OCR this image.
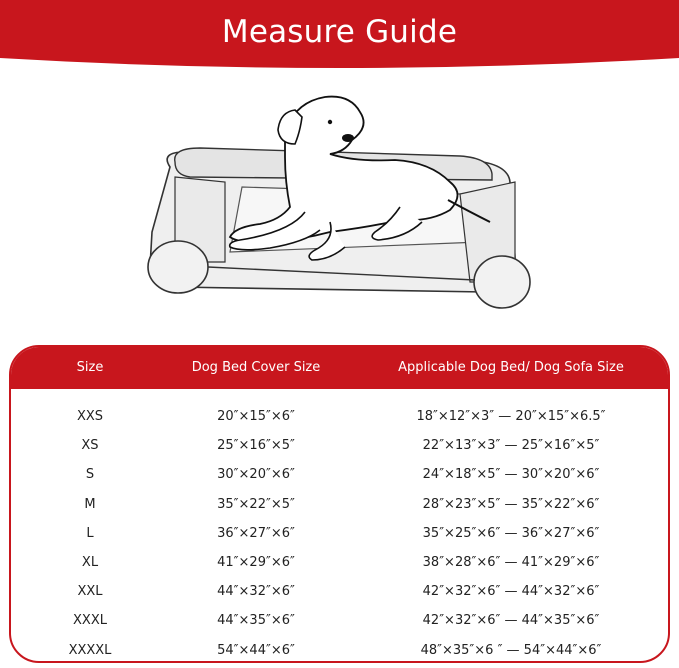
Measure Guide
Size	Dog Bed Cover Size	Applicable Dog Bed/ Dog Sofa Size
XXS	20″×15″×6″	18″×12″×3″ — 20″×15″×6.5″
XS	25″×16″×5″	22″×13″×3″ — 25″×16″×5″
S	30″×20″×6″	24″×18″×5″ — 30″×20″×6″
M	35″×22″×5″	28″×23″×5″ — 35″×22″×6″
L	36″×27″×6″	35″×25″×6″ — 36″×27″×6″
XL	41″×29″×6″	38″×28″×6″ — 41″×29″×6″
XXL	44″×32″×6″	42″×32″×6″ — 44″×32″×6″
XXXL	44″×35″×6″	42″×32″×6″ — 44″×35″×6″
XXXXL	54″×44″×6″	48″×35″×6 ″ — 54″×44″×6″
